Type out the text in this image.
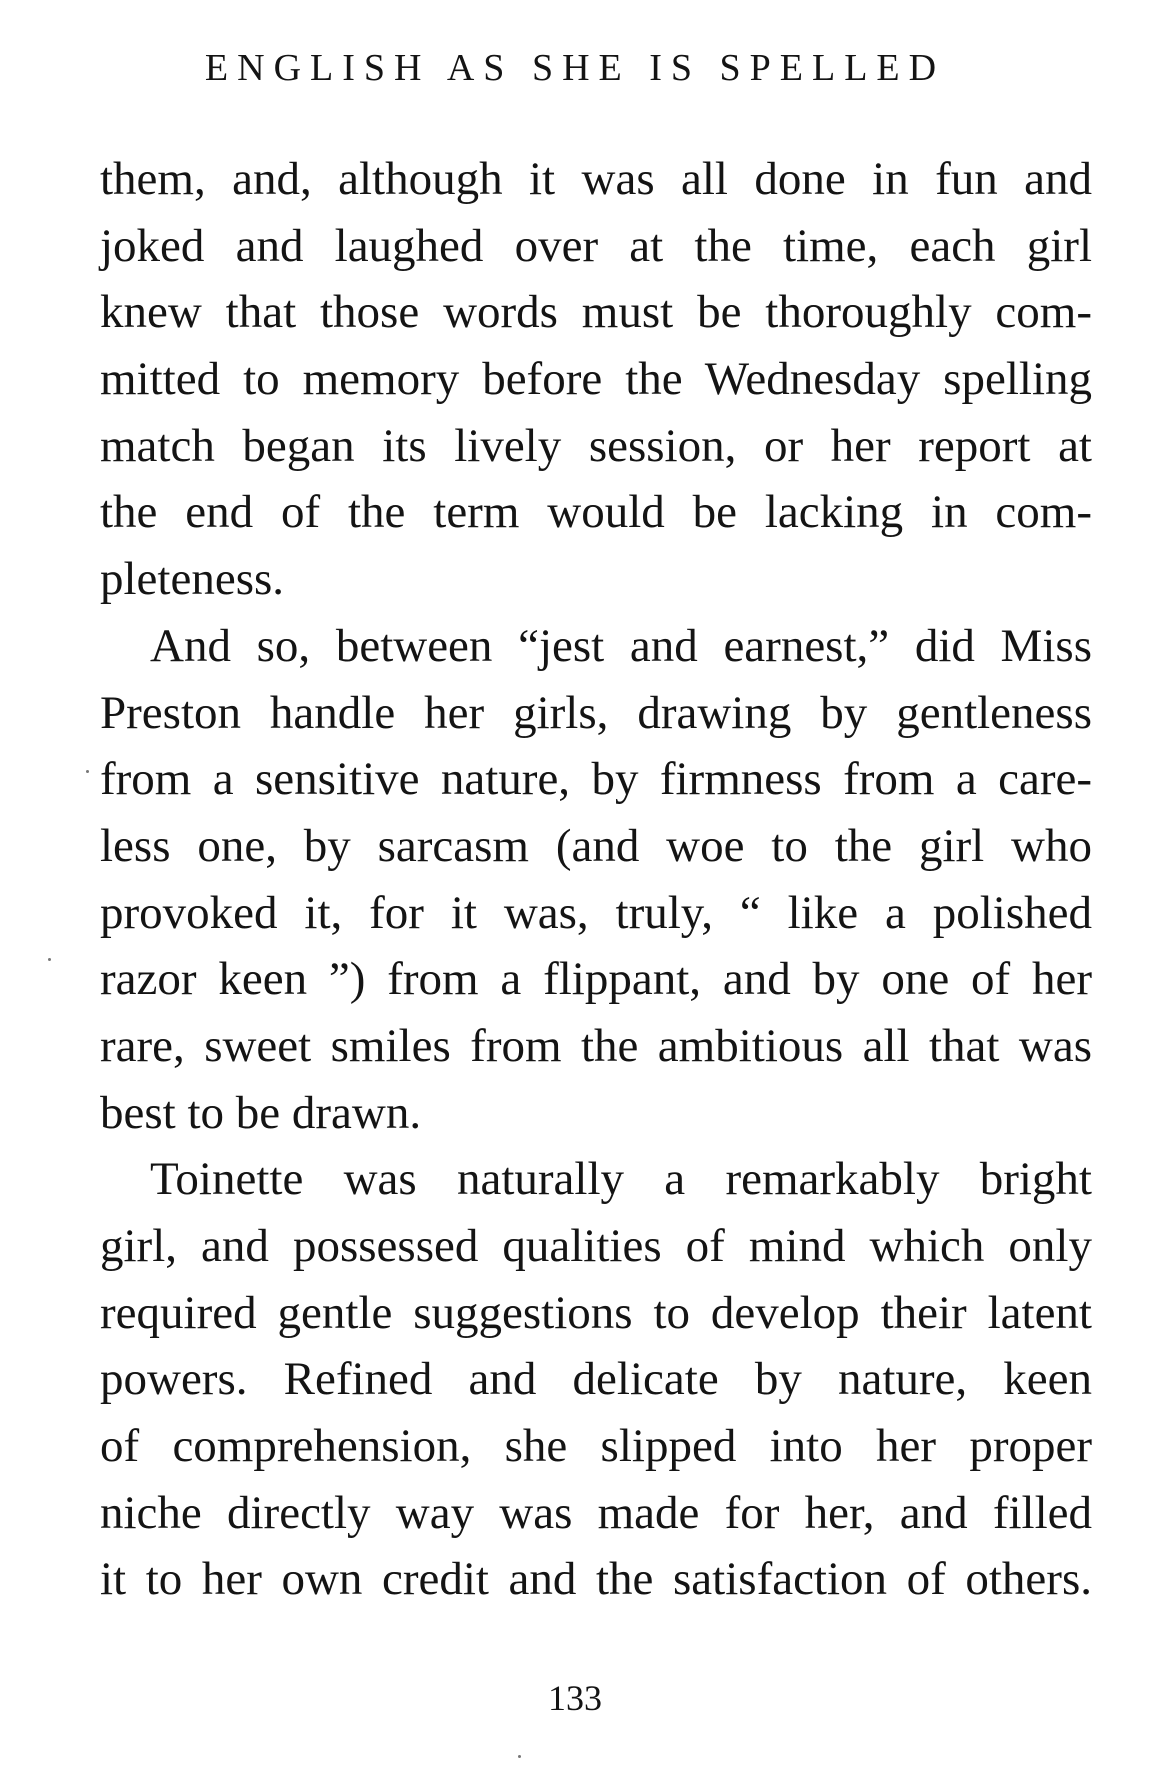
ENGLISH AS SHE IS SPELLED
them, and, although it was all done in fun and
joked and laughed over at the time, each girl
knew that those words must be thoroughly com-
mitted to memory before the Wednesday spelling
match began its lively session, or her report at
the end of the term would be lacking in com-
pleteness.
And so, between “jest and earnest,” did Miss
Preston handle her girls, drawing by gentleness
from a sensitive nature, by firmness from a care-
less one, by sarcasm (and woe to the girl who
provoked it, for it was, truly, “ like a polished
razor keen ”) from a flippant, and by one of her
rare, sweet smiles from the ambitious all that was
best to be drawn.
Toinette was naturally a remarkably bright
girl, and possessed qualities of mind which only
required gentle suggestions to develop their latent
powers. Refined and delicate by nature, keen
of comprehension, she slipped into her proper
niche directly way was made for her, and filled
it to her own credit and the satisfaction of others.
133
